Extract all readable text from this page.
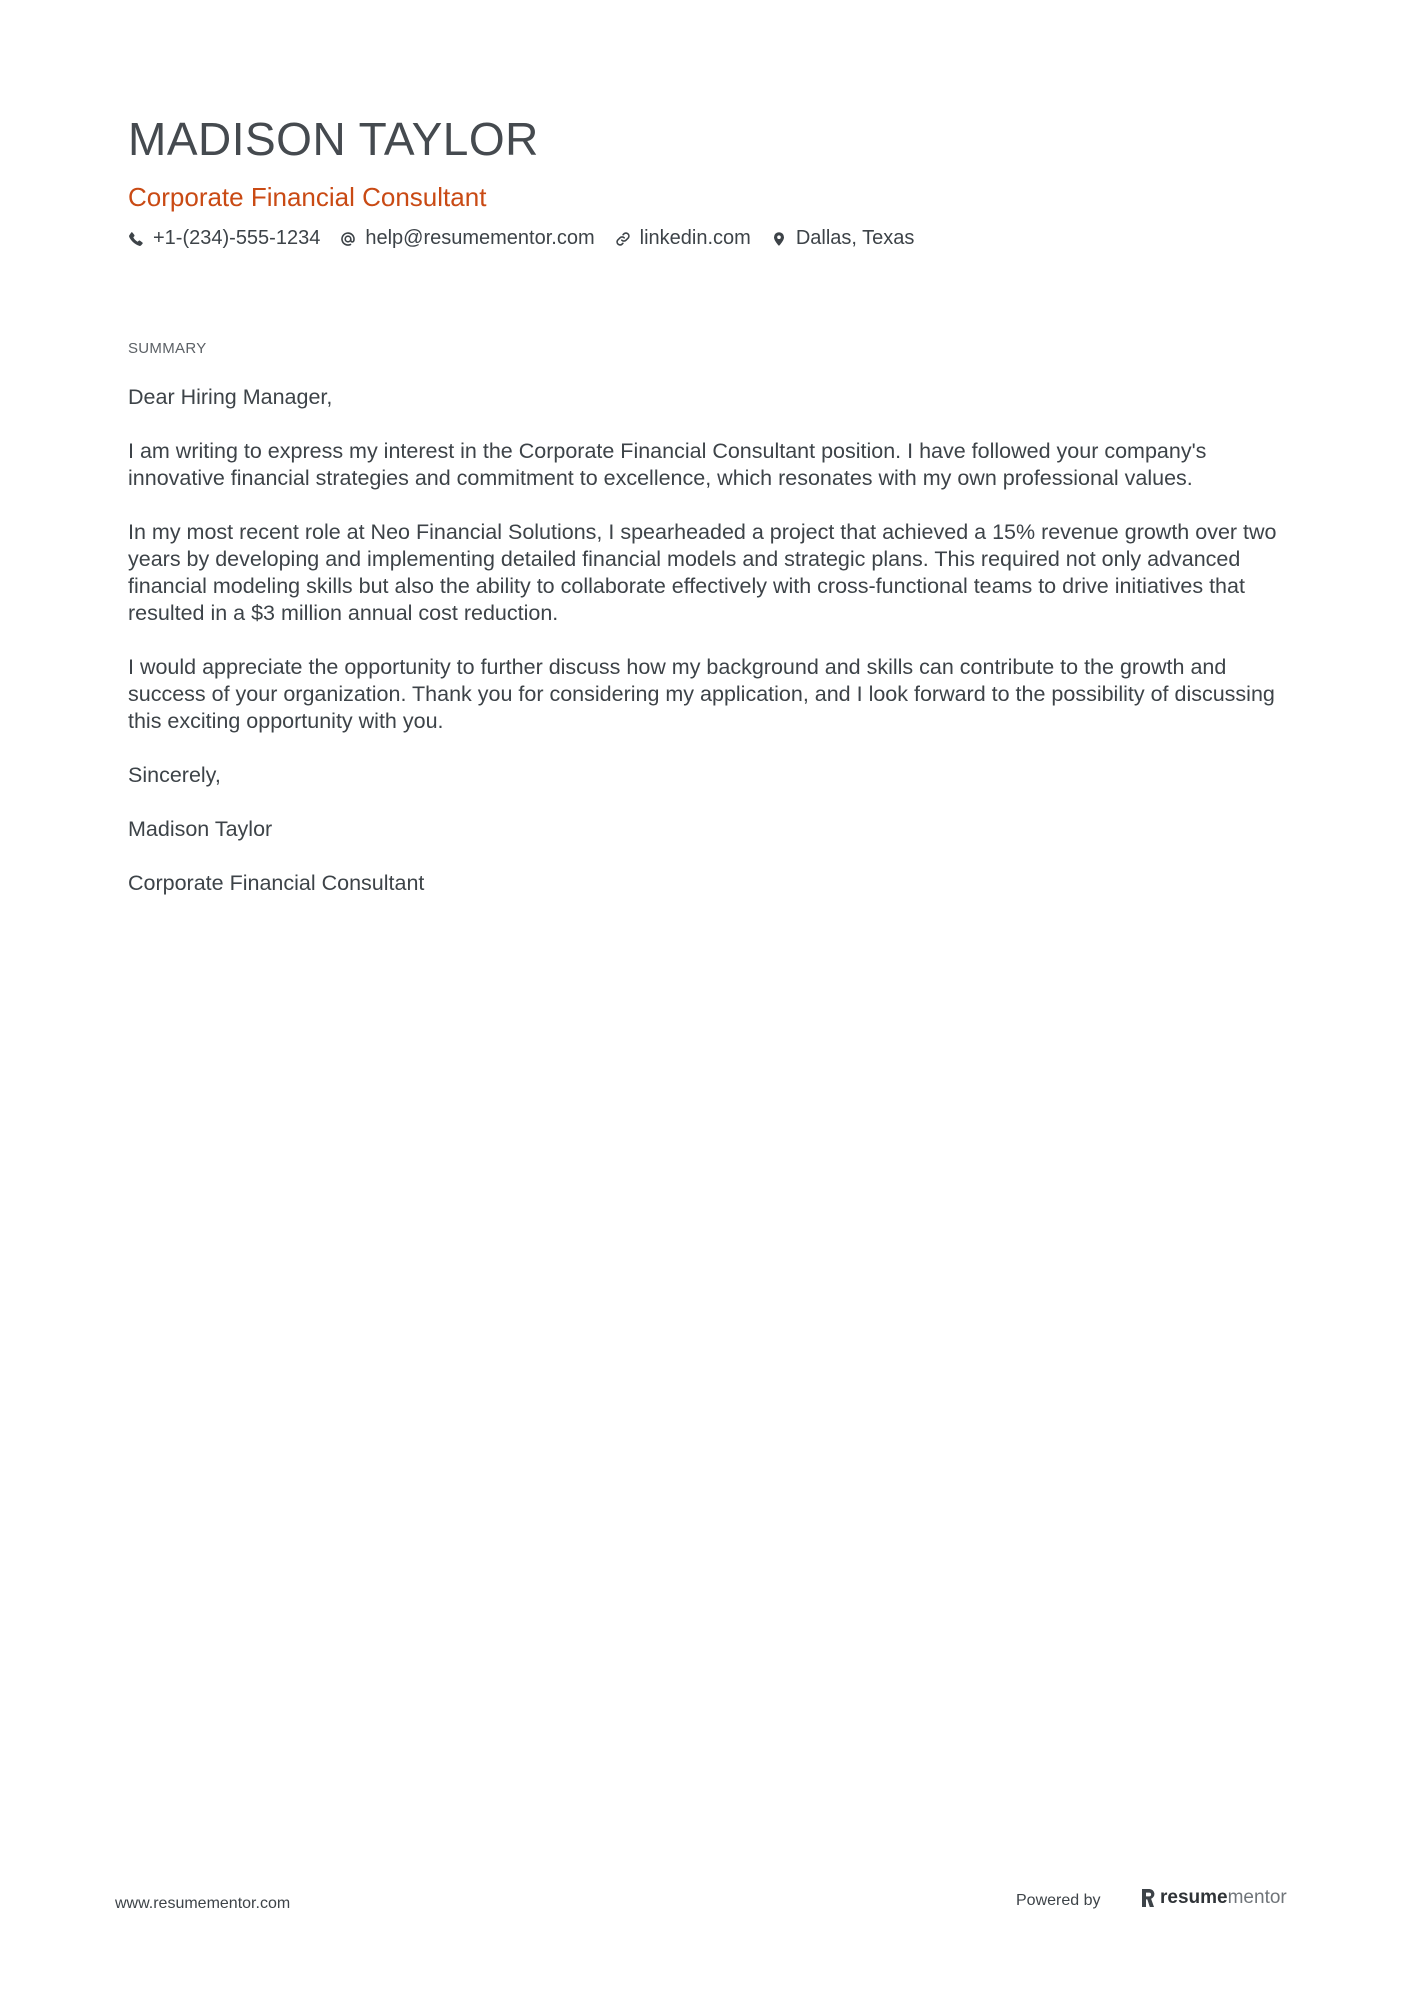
MADISON TAYLOR
Corporate Financial Consultant
+1-(234)-555-1234 help@resumementor.com linkedin.com Dallas, Texas
SUMMARY

Dear Hiring Manager,

I am writing to express my interest in the Corporate Financial Consultant position. I have followed your company's innovative financial strategies and commitment to excellence, which resonates with my own professional values.

In my most recent role at Neo Financial Solutions, I spearheaded a project that achieved a 15% revenue growth over two years by developing and implementing detailed financial models and strategic plans. This required not only advanced financial modeling skills but also the ability to collaborate effectively with cross-functional teams to drive initiatives that resulted in a $3 million annual cost reduction.

I would appreciate the opportunity to further discuss how my background and skills can contribute to the growth and success of your organization. Thank you for considering my application, and I look forward to the possibility of discussing this exciting opportunity with you.

Sincerely,

Madison Taylor

Corporate Financial Consultant

www.resumementor.com	Powered by	resume mentor
